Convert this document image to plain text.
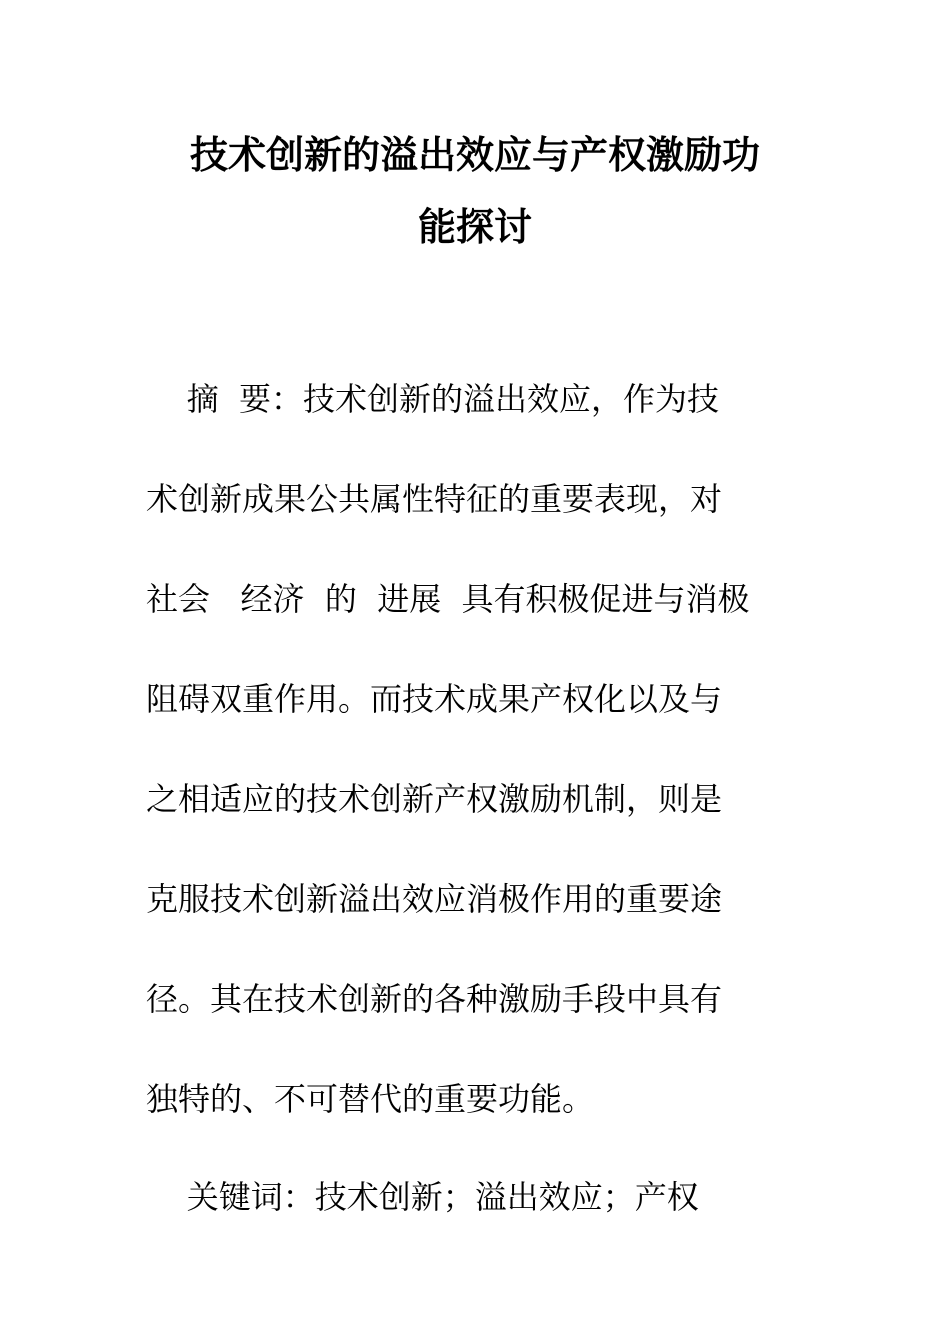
技术创新的溢出效应与产权激励功
能探讨
摘  要：技术创新的溢出效应，作为技
术创新成果公共属性特征的重要表现，对
社会   经济  的  进展  具有积极促进与消极
阻碍双重作用。而技术成果产权化以及与
之相适应的技术创新产权激励机制，则是
克服技术创新溢出效应消极作用的重要途
径。其在技术创新的各种激励手段中具有
独特的、不可替代的重要功能。
关键词：技术创新；溢出效应；产权
